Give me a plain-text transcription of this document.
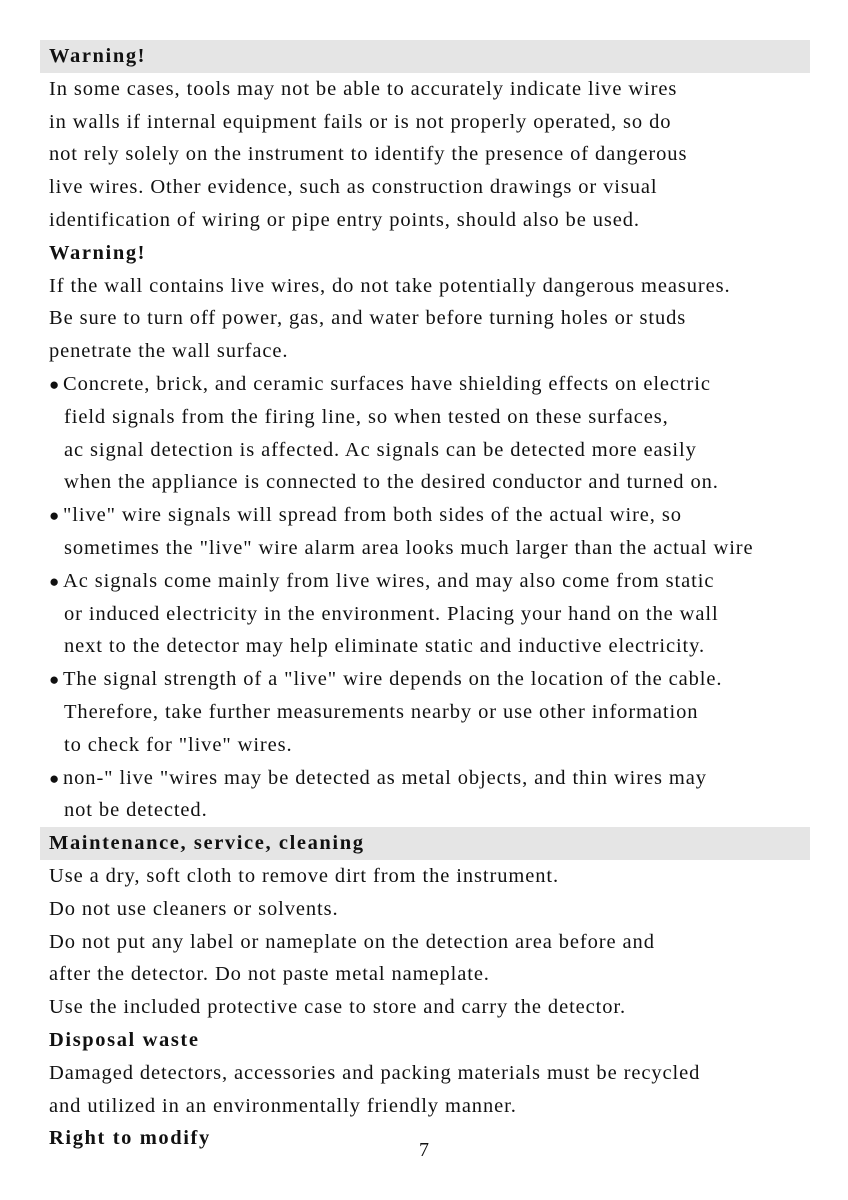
Warning!
In some cases, tools may not be able to accurately indicate live wires
in walls if internal equipment fails or is not properly operated, so do
not rely solely on the instrument to identify the presence of dangerous
live wires. Other evidence, such as construction drawings or visual
identification of wiring or pipe entry points, should also be used.
Warning!
If the wall contains live wires, do not take potentially dangerous measures.
Be sure to turn off power, gas, and water before turning holes or studs
penetrate the wall surface.
● Concrete, brick, and ceramic surfaces have shielding effects on electric
field signals from the firing line, so when tested on these surfaces,
ac signal detection is affected. Ac signals can be detected more easily
when the appliance is connected to the desired conductor and turned on.
● "live" wire signals will spread from both sides of the actual wire, so
sometimes the "live" wire alarm area looks much larger than the actual wire
● Ac signals come mainly from live wires, and may also come from static
or induced electricity in the environment. Placing your hand on the wall
next to the detector may help eliminate static and inductive electricity.
● The signal strength of a "live" wire depends on the location of the cable.
Therefore, take further measurements nearby or use other information
to check for "live" wires.
● non-" live "wires may be detected as metal objects, and thin wires may
not be detected.
Maintenance, service, cleaning
Use a dry, soft cloth to remove dirt from the instrument.
Do not use cleaners or solvents.
Do not put any label or nameplate on the detection area before and
after the detector. Do not paste metal nameplate.
Use the included protective case to store and carry the detector.
Disposal waste
Damaged detectors, accessories and packing materials must be recycled
and utilized in an environmentally friendly manner.
Right to modify
7
